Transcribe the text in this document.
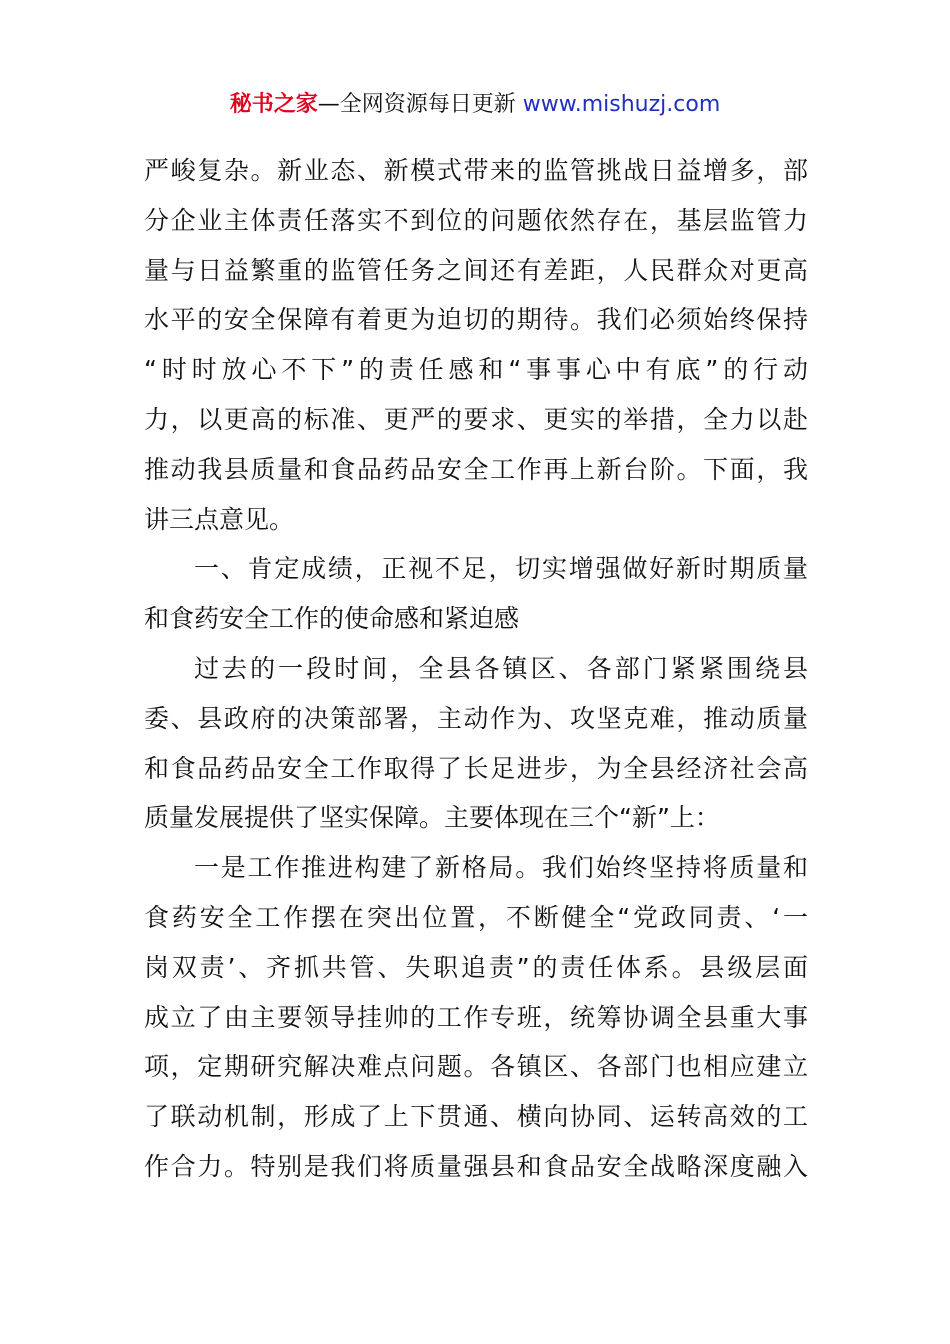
秘书之家—全网资源每日更新 www.mishuzj.com
严峻复杂。新业态、新模式带来的监管挑战日益增多，部
分企业主体责任落实不到位的问题依然存在，基层监管力
量与日益繁重的监管任务之间还有差距，人民群众对更高
水平的安全保障有着更为迫切的期待。我们必须始终保持
“时时放心不下”的责任感和“事事心中有底”的行动
力，以更高的标准、更严的要求、更实的举措，全力以赴
推动我县质量和食品药品安全工作再上新台阶。下面，我
讲三点意见。
一、肯定成绩，正视不足，切实增强做好新时期质量
和食药安全工作的使命感和紧迫感
过去的一段时间，全县各镇区、各部门紧紧围绕县
委、县政府的决策部署，主动作为、攻坚克难，推动质量
和食品药品安全工作取得了长足进步，为全县经济社会高
质量发展提供了坚实保障。主要体现在三个“新”上：
一是工作推进构建了新格局。我们始终坚持将质量和
食药安全工作摆在突出位置，不断健全“党政同责、‘一
岗双责’、齐抓共管、失职追责”的责任体系。县级层面
成立了由主要领导挂帅的工作专班，统筹协调全县重大事
项，定期研究解决难点问题。各镇区、各部门也相应建立
了联动机制，形成了上下贯通、横向协同、运转高效的工
作合力。特别是我们将质量强县和食品安全战略深度融入
